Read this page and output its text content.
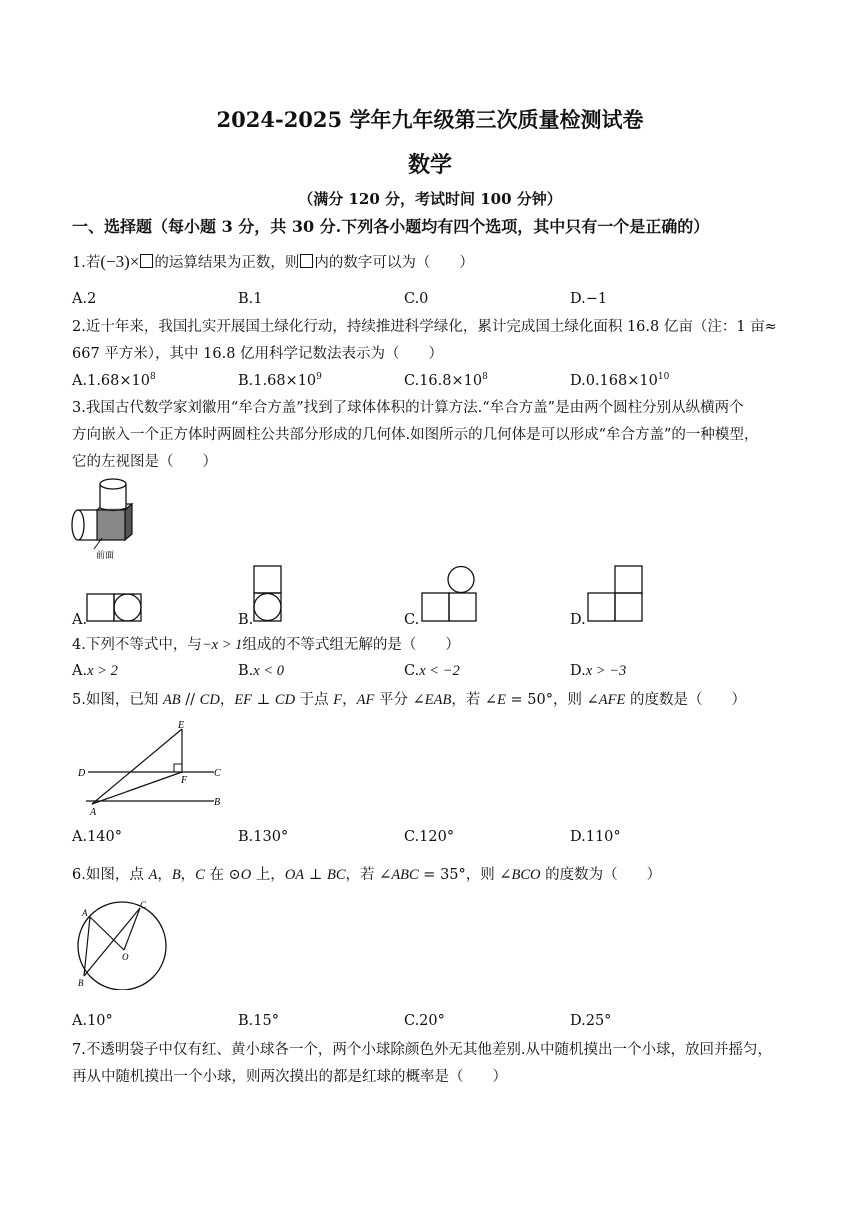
2024-2025 学年九年级第三次质量检测试卷
数学
（满分 120 分，考试时间 100 分钟）
一、选择题（每小题 3 分，共 30 分.下列各小题均有四个选项，其中只有一个是正确的）
1.若(−3)× 的运算结果为正数，则 内的数字可以为（　　）
A.2	B.1	C.0	D.−1
2.近十年来，我国扎实开展国土绿化行动，持续推进科学绿化，累计完成国土绿化面积 16.8 亿亩（注：1 亩≈
667 平方米），其中 16.8 亿用科学记数法表示为（　　）
$A.1.68\times 10^8$	$B.1.68\times 10^9$	$C.16.8\times 10^8$	$D.0.168\times 10^{10}$
3.我国古代数学家刘徽用“牟合方盖”找到了球体体积的计算方法.“牟合方盖”是由两个圆柱分别从纵横两个
方向嵌入一个正方体时两圆柱公共部分形成的几何体.如图所示的几何体是可以形成“牟合方盖”的一种模型，
它的左视图是（　　）
前面
A.	B.	C.	D.
4.下列不等式中，与−x > 1组成的不等式组无解的是（　　）
A.x > 2	B.x < 0	C.x < −2	D.x > −3
5.如图，已知 AB // CD，EF ⊥ CD 于点 F，AF 平分 ∠EAB，若 ∠E = 50°，则 ∠AFE 的度数是（　　）
E
D	C
F
B
A
A.140°	B.130°	C.120°	D.110°
6.如图，点 A，B，C 在 ⊙O 上，OA ⊥ BC，若 ∠ABC = 35°，则 ∠BCO 的度数为（　　）
A
B
C
O
A.10°	B.15°	C.20°	D.25°
7.不透明袋子中仅有红、黄小球各一个，两个小球除颜色外无其他差别.从中随机摸出一个小球，放回并摇匀，
再从中随机摸出一个小球，则两次摸出的都是红球的概率是（　　）
